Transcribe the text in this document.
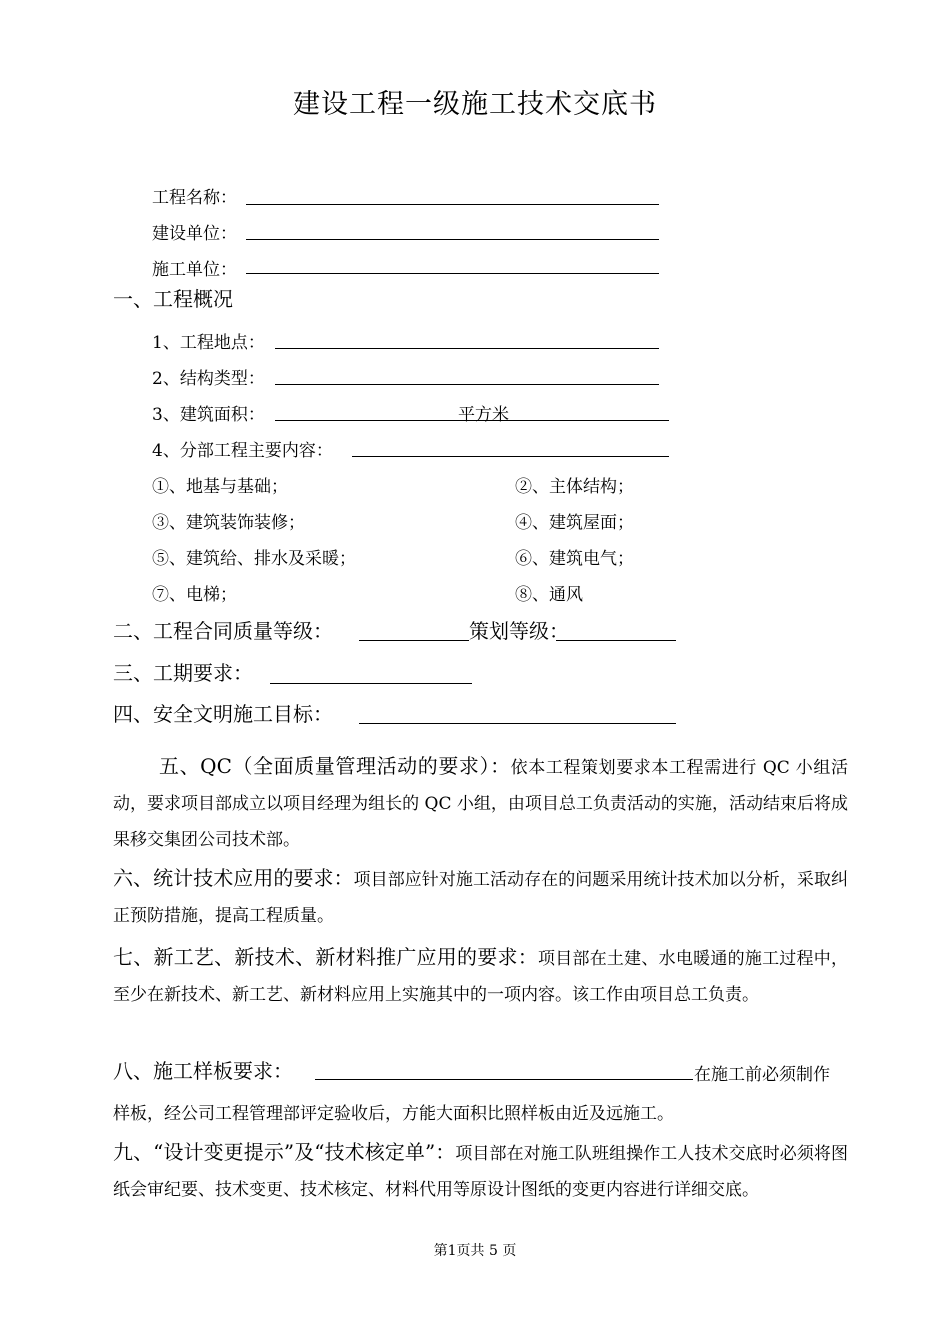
建设工程一级施工技术交底书
工程名称：
建设单位：
施工单位：
一、工程概况
1、工程地点：
2、结构类型：
3、建筑面积：	平方米
4、分部工程主要内容：
①、地基与基础；	②、主体结构；
③、建筑装饰装修；	④、建筑屋面；
⑤、建筑给、排水及采暖；	⑥、建筑电气；
⑦、电梯；	⑧、通风
二、工程合同质量等级：	策划等级：
三、工期要求：
四、安全文明施工目标：
五、QC（全面质量管理活动的要求）：依本工程策划要求本工程需进行 QC 小组活动，要求项目部成立以项目经理为组长的 QC 小组，由项目总工负责活动的实施，活动结束后将成果移交集团公司技术部。
六、统计技术应用的要求：项目部应针对施工活动存在的问题采用统计技术加以分析，采取纠正预防措施，提高工程质量。
七、新工艺、新技术、新材料推广应用的要求：项目部在土建、水电暖通的施工过程中，至少在新技术、新工艺、新材料应用上实施其中的一项内容。该工作由项目总工负责。
八、施工样板要求：	在施工前必须制作
样板，经公司工程管理部评定验收后，方能大面积比照样板由近及远施工。
九、“设计变更提示”及“技术核定单”：项目部在对施工队班组操作工人技术交底时必须将图纸会审纪要、技术变更、技术核定、材料代用等原设计图纸的变更内容进行详细交底。
第1页共 5 页
